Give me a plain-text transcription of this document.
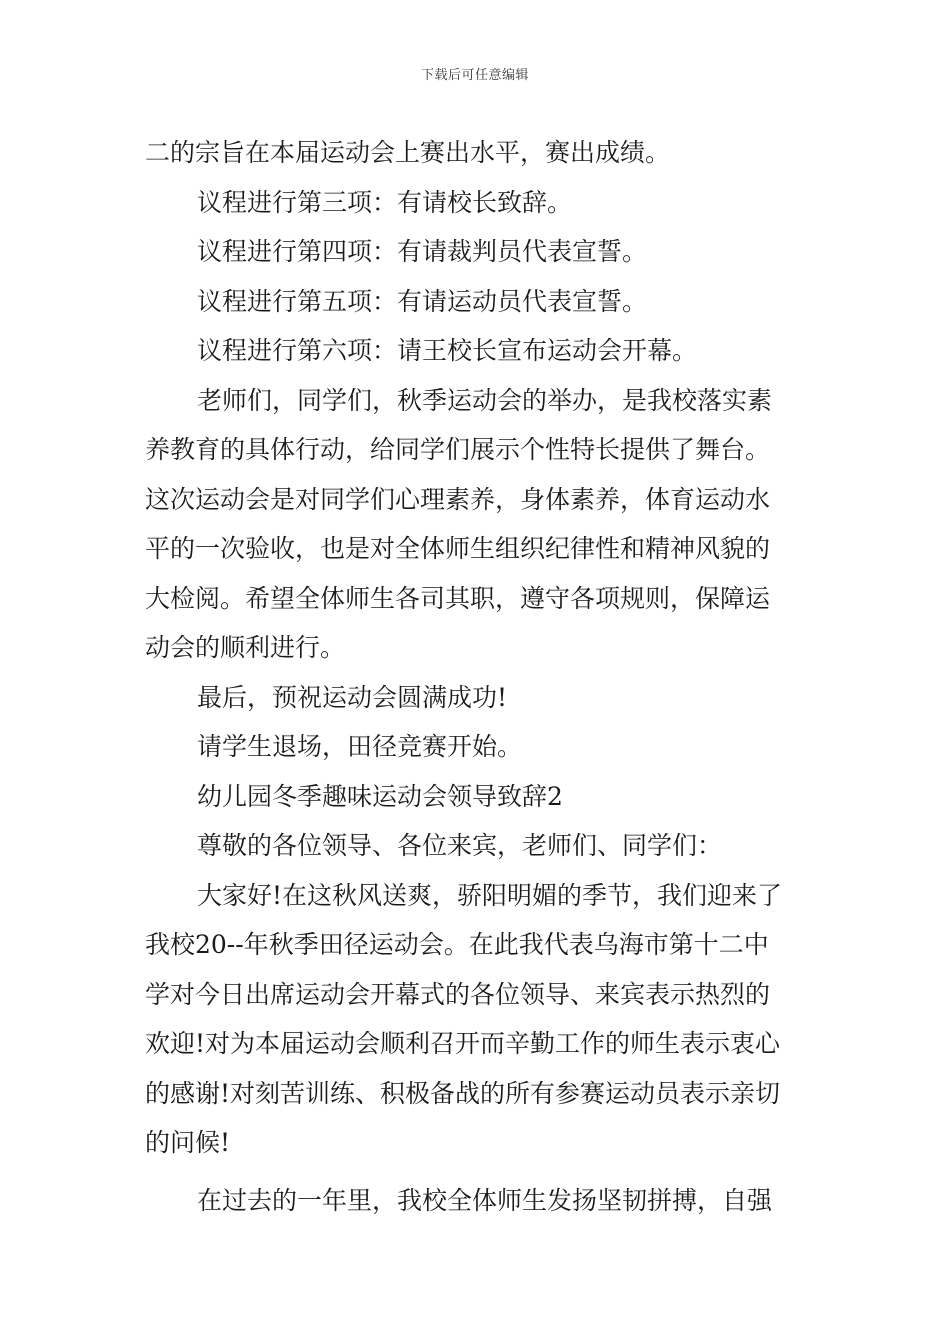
下载后可任意编辑
二的宗旨在本届运动会上赛出水平，赛出成绩。
议程进行第三项：有请校长致辞。
议程进行第四项：有请裁判员代表宣誓。
议程进行第五项：有请运动员代表宣誓。
议程进行第六项：请王校长宣布运动会开幕。
老师们，同学们，秋季运动会的举办，是我校落实素
养教育的具体行动，给同学们展示个性特长提供了舞台。
这次运动会是对同学们心理素养，身体素养，体育运动水
平的一次验收，也是对全体师生组织纪律性和精神风貌的
大检阅。希望全体师生各司其职，遵守各项规则，保障运
动会的顺利进行。
最后，预祝运动会圆满成功!
请学生退场，田径竞赛开始。
幼儿园冬季趣味运动会领导致辞2
尊敬的各位领导、各位来宾，老师们、同学们：
大家好!在这秋风送爽，骄阳明媚的季节，我们迎来了
我校20--年秋季田径运动会。在此我代表乌海市第十二中
学对今日出席运动会开幕式的各位领导、来宾表示热烈的
欢迎!对为本届运动会顺利召开而辛勤工作的师生表示衷心
的感谢!对刻苦训练、积极备战的所有参赛运动员表示亲切
的问候!
在过去的一年里，我校全体师生发扬坚韧拼搏，自强
